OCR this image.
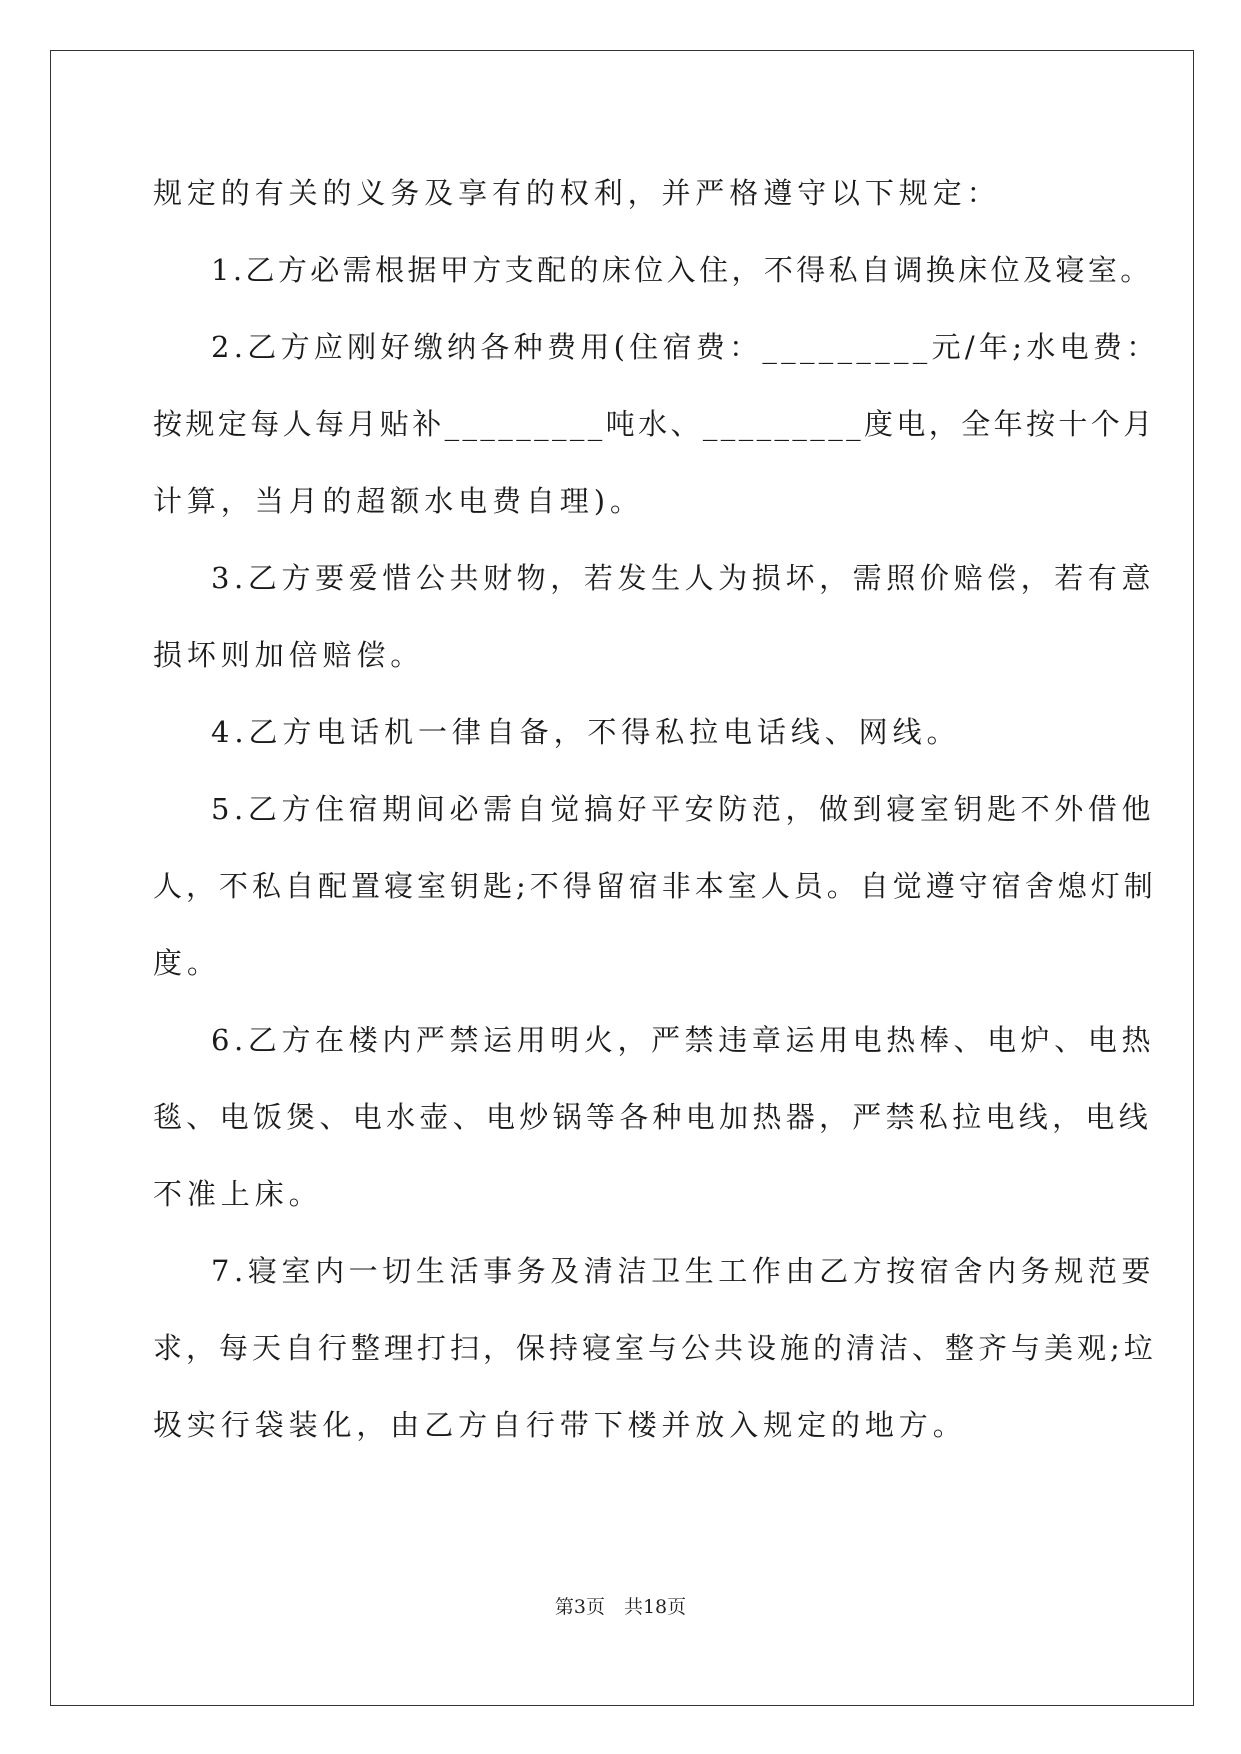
规定的有关的义务及享有的权利，并严格遵守以下规定：
1.乙方必需根据甲方支配的床位入住，不得私自调换床位及寝室。
2.乙方应刚好缴纳各种费用(住宿费：_________元/年;水电费：
按规定每人每月贴补_________吨水、_________度电，全年按十个月
计算，当月的超额水电费自理)。
3.乙方要爱惜公共财物，若发生人为损坏，需照价赔偿，若有意
损坏则加倍赔偿。
4.乙方电话机一律自备，不得私拉电话线、网线。
5.乙方住宿期间必需自觉搞好平安防范，做到寝室钥匙不外借他
人，不私自配置寝室钥匙;不得留宿非本室人员。自觉遵守宿舍熄灯制
度。
6.乙方在楼内严禁运用明火，严禁违章运用电热棒、电炉、电热
毯、电饭煲、电水壶、电炒锅等各种电加热器，严禁私拉电线，电线
不准上床。
7.寝室内一切生活事务及清洁卫生工作由乙方按宿舍内务规范要
求，每天自行整理打扫，保持寝室与公共设施的清洁、整齐与美观;垃
圾实行袋装化，由乙方自行带下楼并放入规定的地方。
第3页　共18页
